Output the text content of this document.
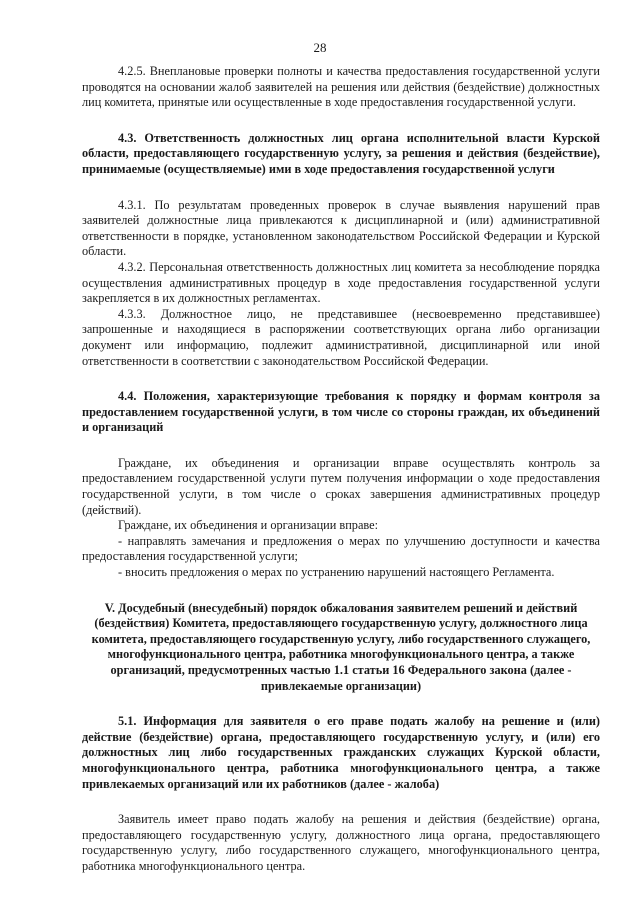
28

4.2.5. Внеплановые проверки полноты и качества предоставления государственной услуги проводятся на основании жалоб заявителей на решения или действия (бездействие) должностных лиц комитета, принятые или осуществленные в ходе предоставления государственной услуги.

4.3. Ответственность должностных лиц органа исполнительной власти Курской области, предоставляющего государственную услугу, за решения и действия (бездействие), принимаемые (осуществляемые) ими в ходе предоставления государственной услуги

4.3.1. По результатам проведенных проверок в случае выявления нарушений прав заявителей должностные лица привлекаются к дисциплинарной и (или) административной ответственности в порядке, установленном законодательством Российской Федерации и Курской области.

4.3.2. Персональная ответственность должностных лиц комитета за несоблюдение порядка осуществления административных процедур в ходе предоставления государственной услуги закрепляется в их должностных регламентах.

4.3.3. Должностное лицо, не представившее (несвоевременно представившее) запрошенные и находящиеся в распоряжении соответствующих органа либо организации документ или информацию, подлежит административной, дисциплинарной или иной ответственности в соответствии с законодательством Российской Федерации.

4.4. Положения, характеризующие требования к порядку и формам контроля за предоставлением государственной услуги, в том числе со стороны граждан, их объединений и организаций

Граждане, их объединения и организации вправе осуществлять контроль за предоставлением государственной услуги путем получения информации о ходе предоставления государственной услуги, в том числе о сроках завершения административных процедур (действий).

Граждане, их объединения и организации вправе:

- направлять замечания и предложения о мерах по улучшению доступности и качества предоставления государственной услуги;

- вносить предложения о мерах по устранению нарушений настоящего Регламента.

V. Досудебный (внесудебный) порядок обжалования заявителем решений и действий (бездействия) Комитета, предоставляющего государственную услугу, должностного лица комитета, предоставляющего государственную услугу, либо государственного служащего, многофункционального центра, работника многофункционального центра, а также организаций, предусмотренных частью 1.1 статьи 16 Федерального закона (далее - привлекаемые организации)

5.1. Информация для заявителя о его праве подать жалобу на решение и (или) действие (бездействие) органа, предоставляющего государственную услугу, и (или) его должностных лиц либо государственных гражданских служащих Курской области, многофункционального центра, работника многофункционального центра, а также привлекаемых организаций или их работников (далее - жалоба)

Заявитель имеет право подать жалобу на решения и действия (бездействие) органа, предоставляющего государственную услугу, должностного лица органа, предоставляющего государственную услугу, либо государственного служащего, многофункционального центра, работника многофункционального центра.
